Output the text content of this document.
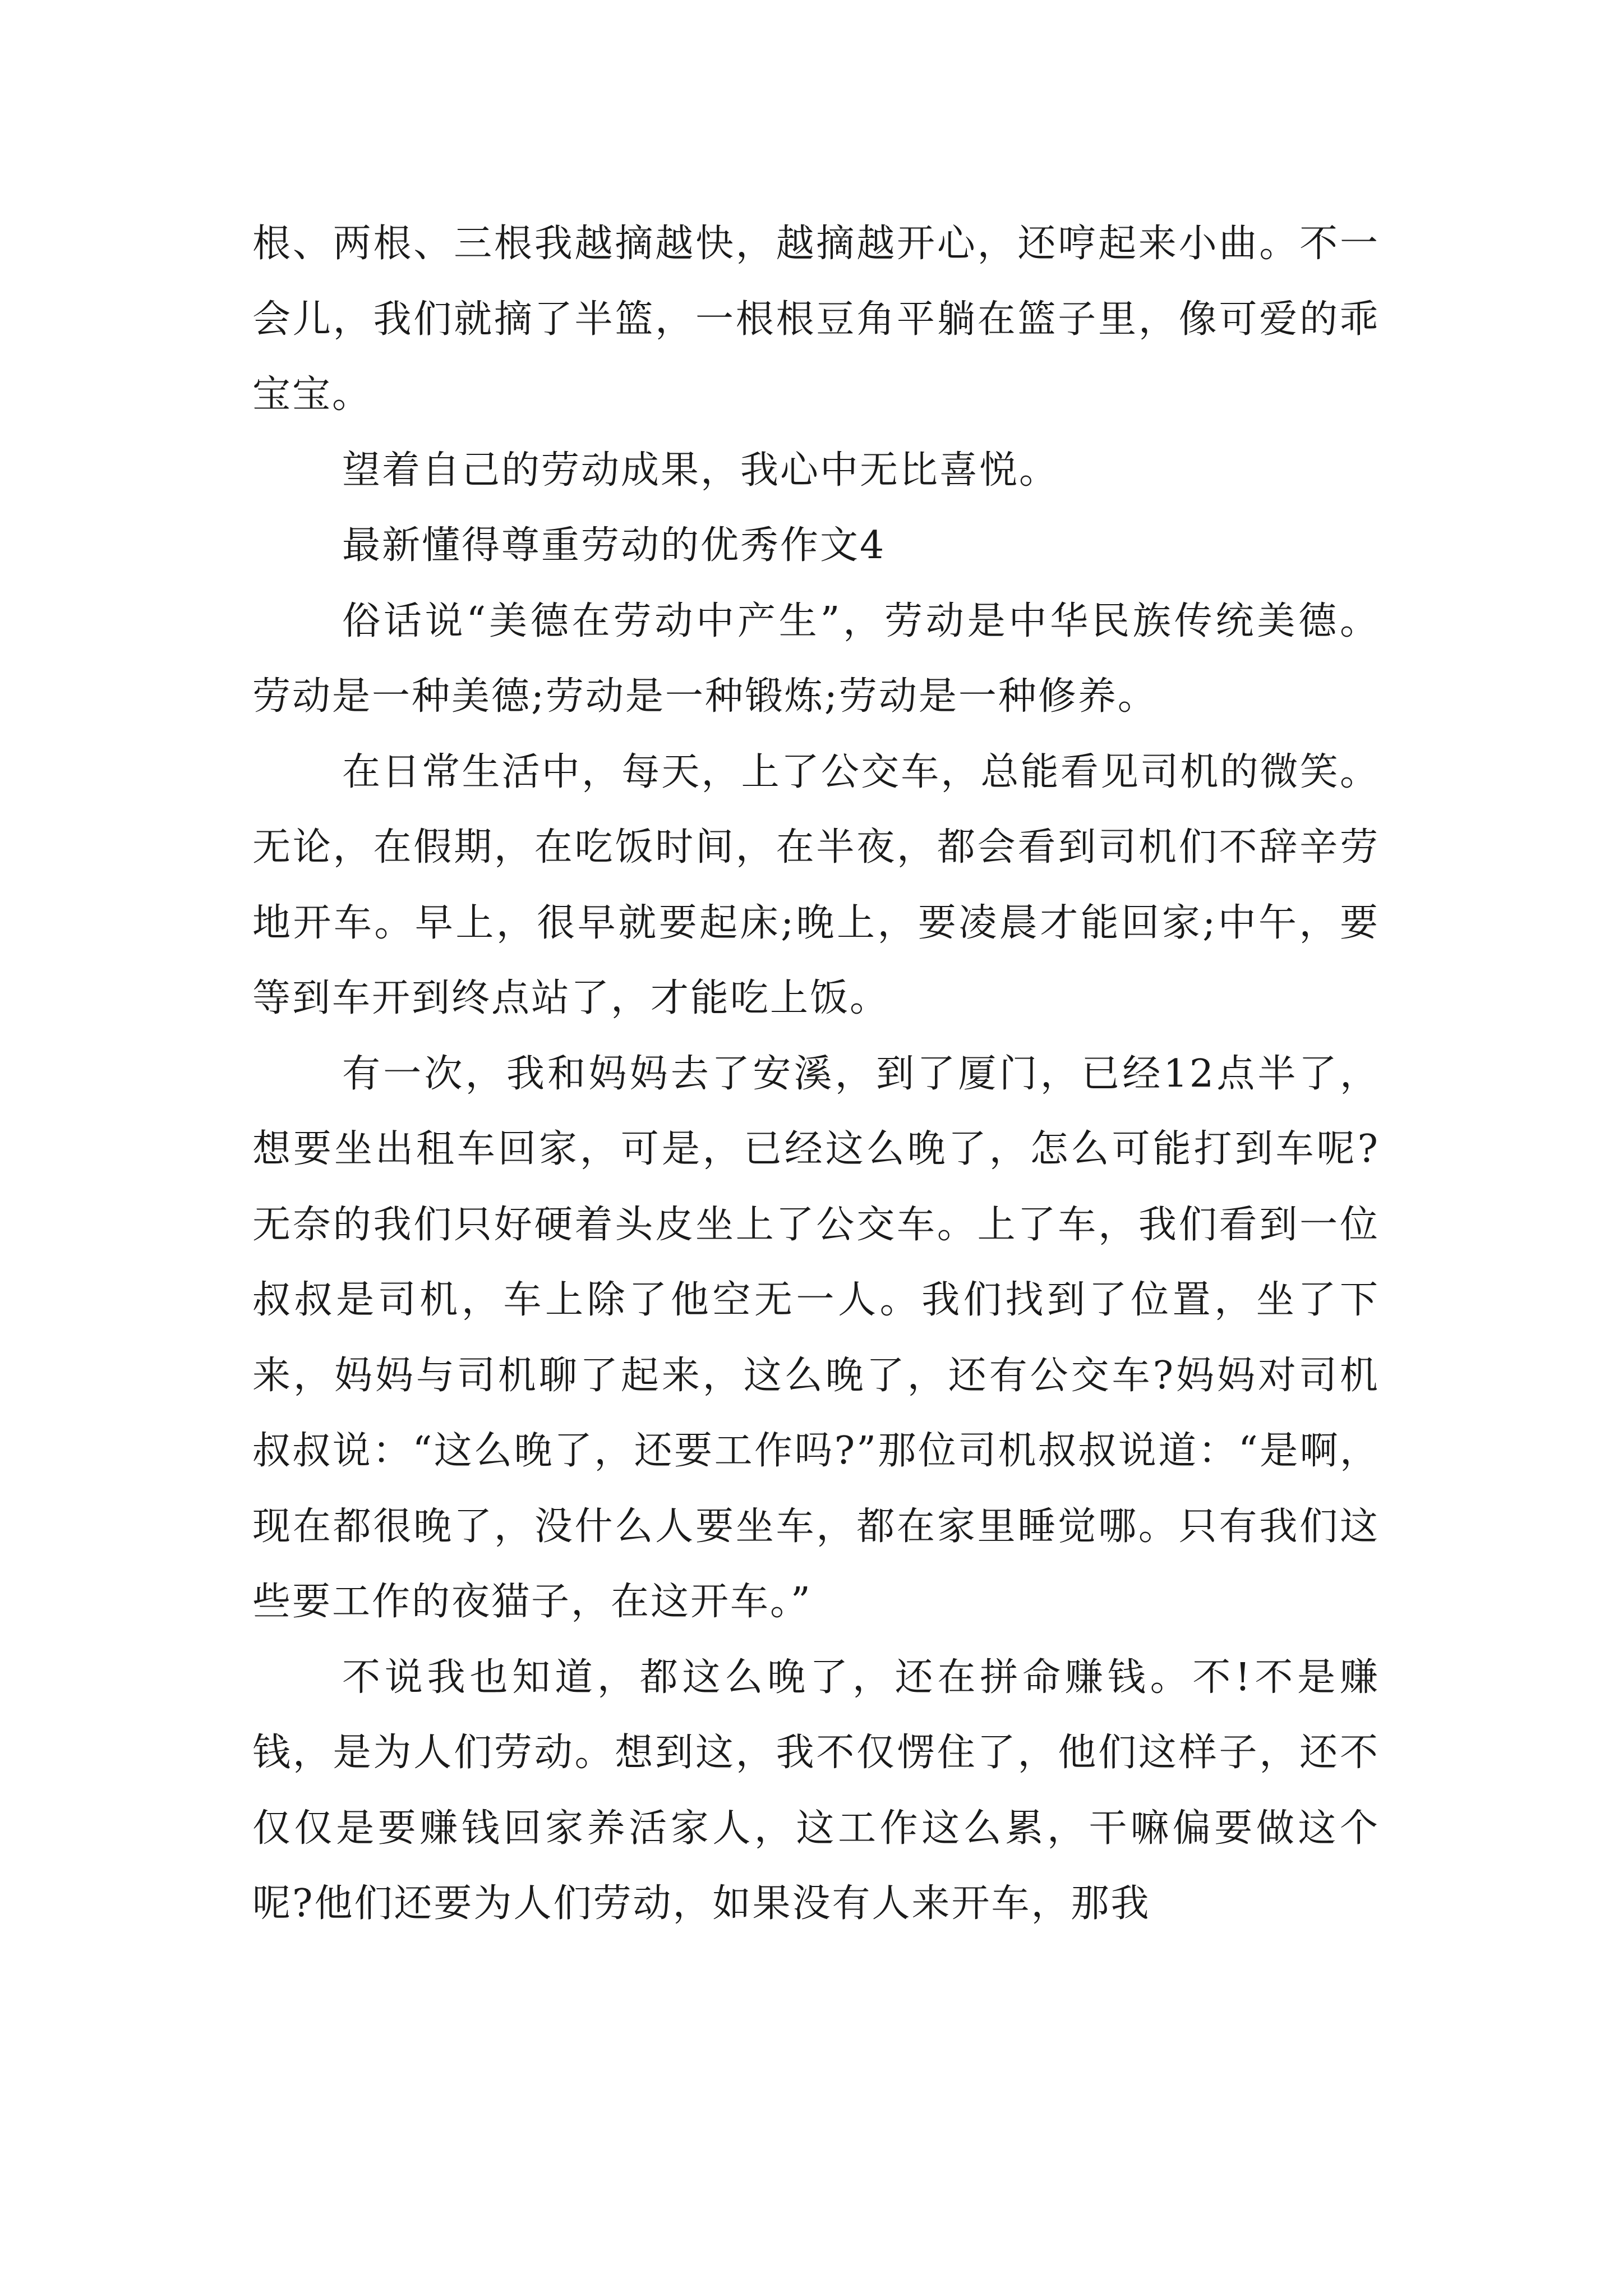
根、两根、三根我越摘越快，越摘越开心，还哼起来小曲。不一会儿，我们就摘了半篮，一根根豆角平躺在篮子里，像可爱的乖宝宝。

望着自己的劳动成果，我心中无比喜悦。

最新懂得尊重劳动的优秀作文4

俗话说“美德在劳动中产生”，劳动是中华民族传统美德。劳动是一种美德;劳动是一种锻炼;劳动是一种修养。

在日常生活中，每天，上了公交车，总能看见司机的微笑。无论，在假期，在吃饭时间，在半夜，都会看到司机们不辞辛劳地开车。早上，很早就要起床;晚上，要凌晨才能回家;中午，要等到车开到终点站了，才能吃上饭。

有一次，我和妈妈去了安溪，到了厦门，已经12点半了，想要坐出租车回家，可是，已经这么晚了，怎么可能打到车呢?无奈的我们只好硬着头皮坐上了公交车。上了车，我们看到一位叔叔是司机，车上除了他空无一人。我们找到了位置，坐了下来，妈妈与司机聊了起来，这么晚了，还有公交车?妈妈对司机叔叔说：“这么晚了，还要工作吗?”那位司机叔叔说道：“是啊，现在都很晚了，没什么人要坐车，都在家里睡觉哪。只有我们这些要工作的夜猫子，在这开车。”

不说我也知道，都这么晚了，还在拼命赚钱。不!不是赚钱，是为人们劳动。想到这，我不仅愣住了，他们这样子，还不仅仅是要赚钱回家养活家人，这工作这么累，干嘛偏要做这个呢?他们还要为人们劳动，如果没有人来开车，那我
